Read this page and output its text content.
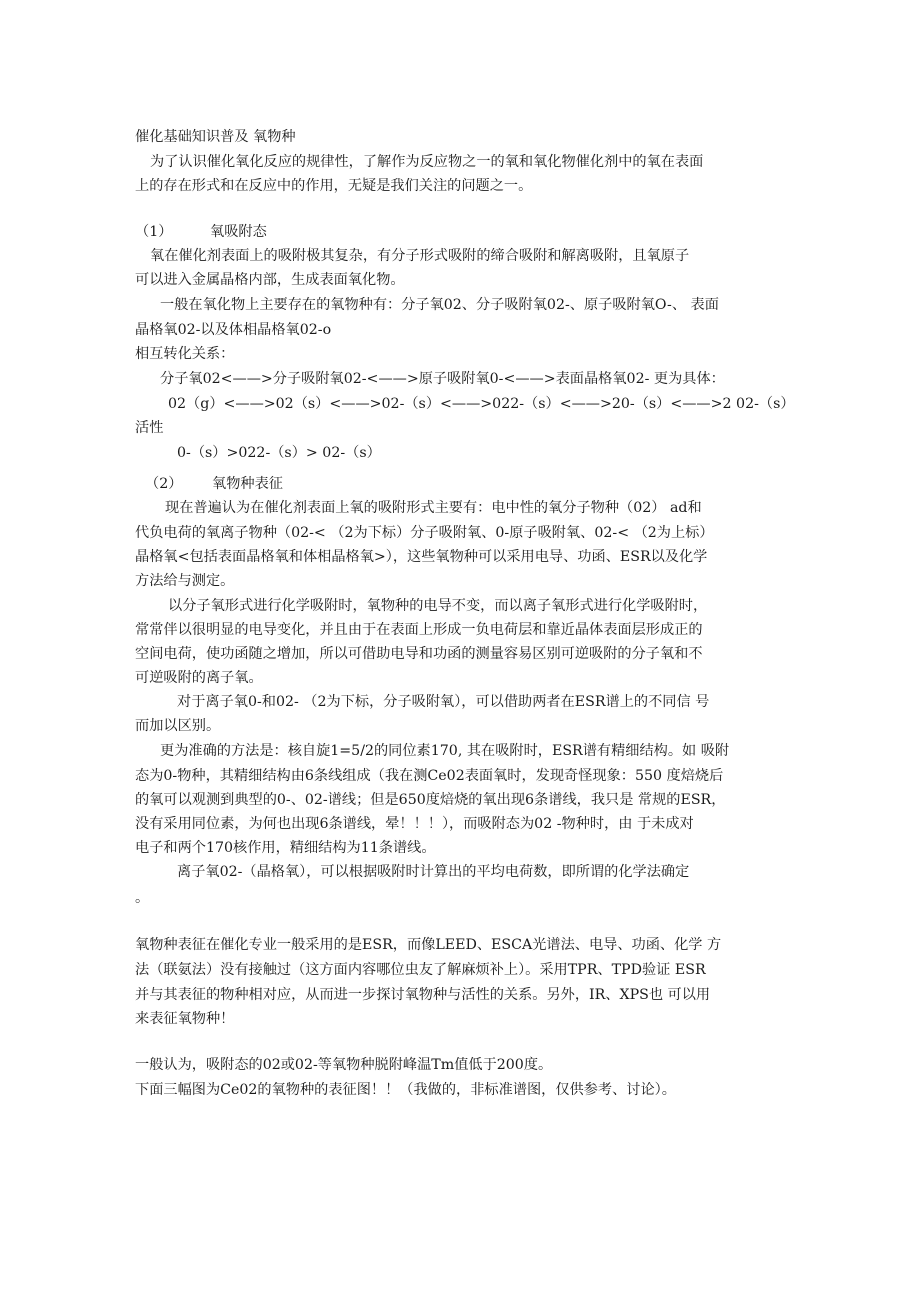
催化基础知识普及 氧物种
为了认识催化氧化反应的规律性，了解作为反应物之一的氧和氧化物催化剂中的氧在表面
上的存在形式和在反应中的作用，无疑是我们关注的问题之一。
（1）	氧吸附态
氧在催化剂表面上的吸附极其复杂，有分子形式吸附的缔合吸附和解离吸附，且氧原子
可以进入金属晶格内部，生成表面氧化物。
一般在氧化物上主要存在的氧物种有：分子氧02、分子吸附氧02-、原子吸附氧O-、 表面
晶格氧02-以及体相晶格氧02-o
相互转化关系：
分子氧02<——>分子吸附氧02-<——>原子吸附氧0-<——>表面晶格氧02- 更为具体：
02（g）<——>02（s）<——>02-（s）<——>022-（s）<——>20-（s）<——>2 02-（s）
活性
0-（s）>022-（s）> 02-（s）
（2） 氧物种表征
现在普遍认为在催化剂表面上氧的吸附形式主要有：电中性的氧分子物种（02） ad和
代负电荷的氧离子物种（02-< （2为下标）分子吸附氧、0-原子吸附氧、02-< （2为上标）
晶格氧<包括表面晶格氧和体相晶格氧>），这些氧物种可以采用电导、功函、ESR以及化学
方法给与测定。
以分子氧形式进行化学吸附时，氧物种的电导不变，而以离子氧形式进行化学吸附时，
常常伴以很明显的电导变化，并且由于在表面上形成一负电荷层和靠近晶体表面层形成正的
空间电荷，使功函随之增加，所以可借助电导和功函的测量容易区别可逆吸附的分子氧和不
可逆吸附的离子氧。
对于离子氧0-和02- （2为下标，分子吸附氧），可以借助两者在ESR谱上的不同信 号
而加以区别。
更为准确的方法是：核自旋1=5/2的同位素170, 其在吸附时，ESR谱有精细结构。如 吸附
态为0-物种，其精细结构由6条线组成（我在测Ce02表面氧时，发现奇怪现象：550 度焙烧后
的氧可以观测到典型的0-、02-谱线；但是650度焙烧的氧出现6条谱线，我只是 常规的ESR，
没有采用同位素，为何也出现6条谱线，晕！！！），而吸附态为02 -物种时，由 于未成对
电子和两个170核作用，精细结构为11条谱线。
离子氧02-（晶格氧），可以根据吸附时计算出的平均电荷数，即所谓的化学法确定
。
氧物种表征在催化专业一般采用的是ESR，而像LEED、ESCA光谱法、电导、功函、化学 方
法（联氨法）没有接触过（这方面内容哪位虫友了解麻烦补上）。采用TPR、TPD验证 ESR
并与其表征的物种相对应，从而进一步探讨氧物种与活性的关系。另外，IR、XPS也 可以用
来表征氧物种！
一般认为，吸附态的02或02-等氧物种脱附峰温Tm值低于200度。
下面三幅图为Ce02的氧物种的表征图！！（我做的，非标准谱图，仅供参考、讨论）。
